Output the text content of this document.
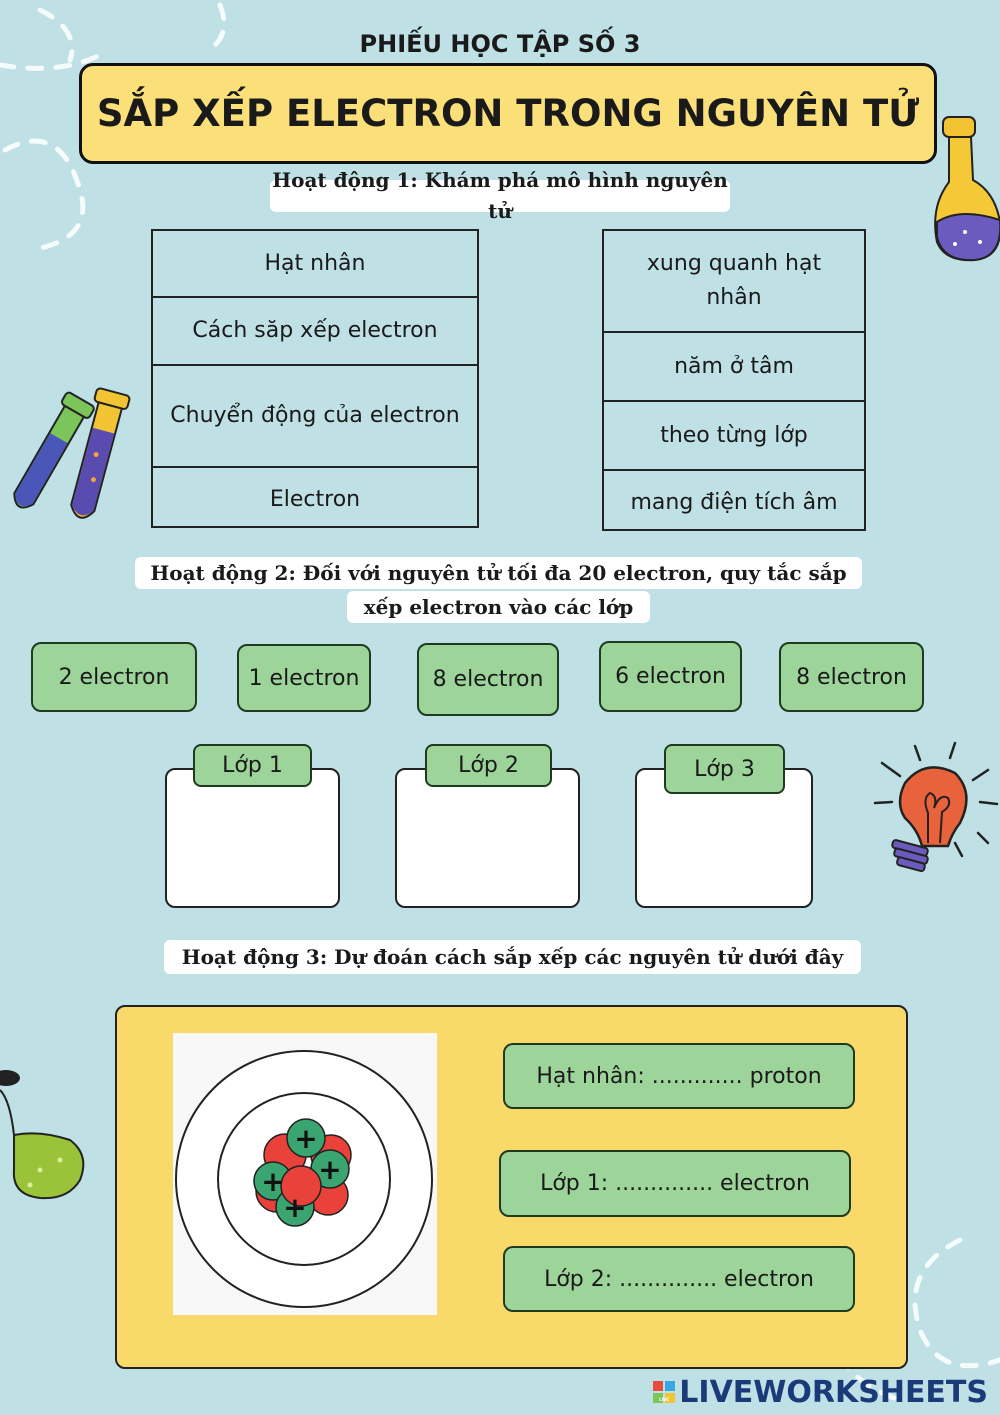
PHIẾU HỌC TẬP SỐ 3
SẮP XẾP ELECTRON TRONG NGUYÊN TỬ
Hoạt động 1: Khám phá mô hình nguyên tử
Hạt nhân
Cách săp xếp electron
Chuyển động của electron
Electron
xung quanh hạt nhân
năm ở tâm
theo từng lớp
mang điện tích âm
Hoạt động 2: Đối với nguyên tử tối đa 20 electron, quy tắc sắp
xếp electron vào các lớp
2 electron	1 electron	8 electron	6 electron	8 electron
Lớp 1	Lớp 2	Lớp 3
Hoạt động 3: Dự đoán cách sắp xếp các nguyên tử dưới đây
+
+
+
+
Hạt nhân: ............. proton
Lớp 1: .............. electron
Lớp 2: .............. electron
LIVE LIVEWORKSHEETS
